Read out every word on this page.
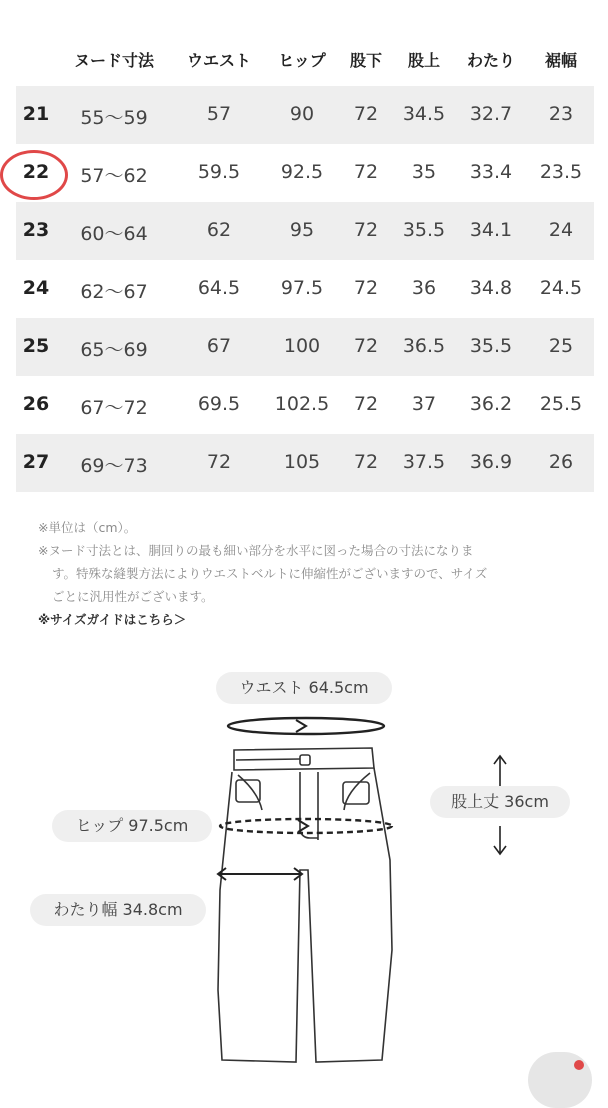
ヌード寸法 ウエスト ヒップ 股下 股上 わたり 裾幅
21 55〜59	57	90 72 34.5 32.7 23
22 57〜62	59.5 92.5 72 35 33.4 23.5
23 60〜64	62	95 72 35.5 34.1 24
24 62〜67	64.5 97.5 72 36 34.8 24.5
25 65〜69	67	100 72 36.5 35.5 25
26 67〜72	69.5 102.5 72 37 36.2 25.5
27 69〜73	72	105 72 37.5 36.9 26
※単位は（cm）。
※ヌード寸法とは、胴回りの最も細い部分を水平に図った場合の寸法になりま
す。特殊な縫製方法によりウエストベルトに伸縮性がございますので、サイズ
ごとに汎用性がございます。
※サイズガイドはこちら＞
ウエスト 64.5cm
ヒップ 97.5cm
股上丈 36cm
わたり幅 34.8cm
